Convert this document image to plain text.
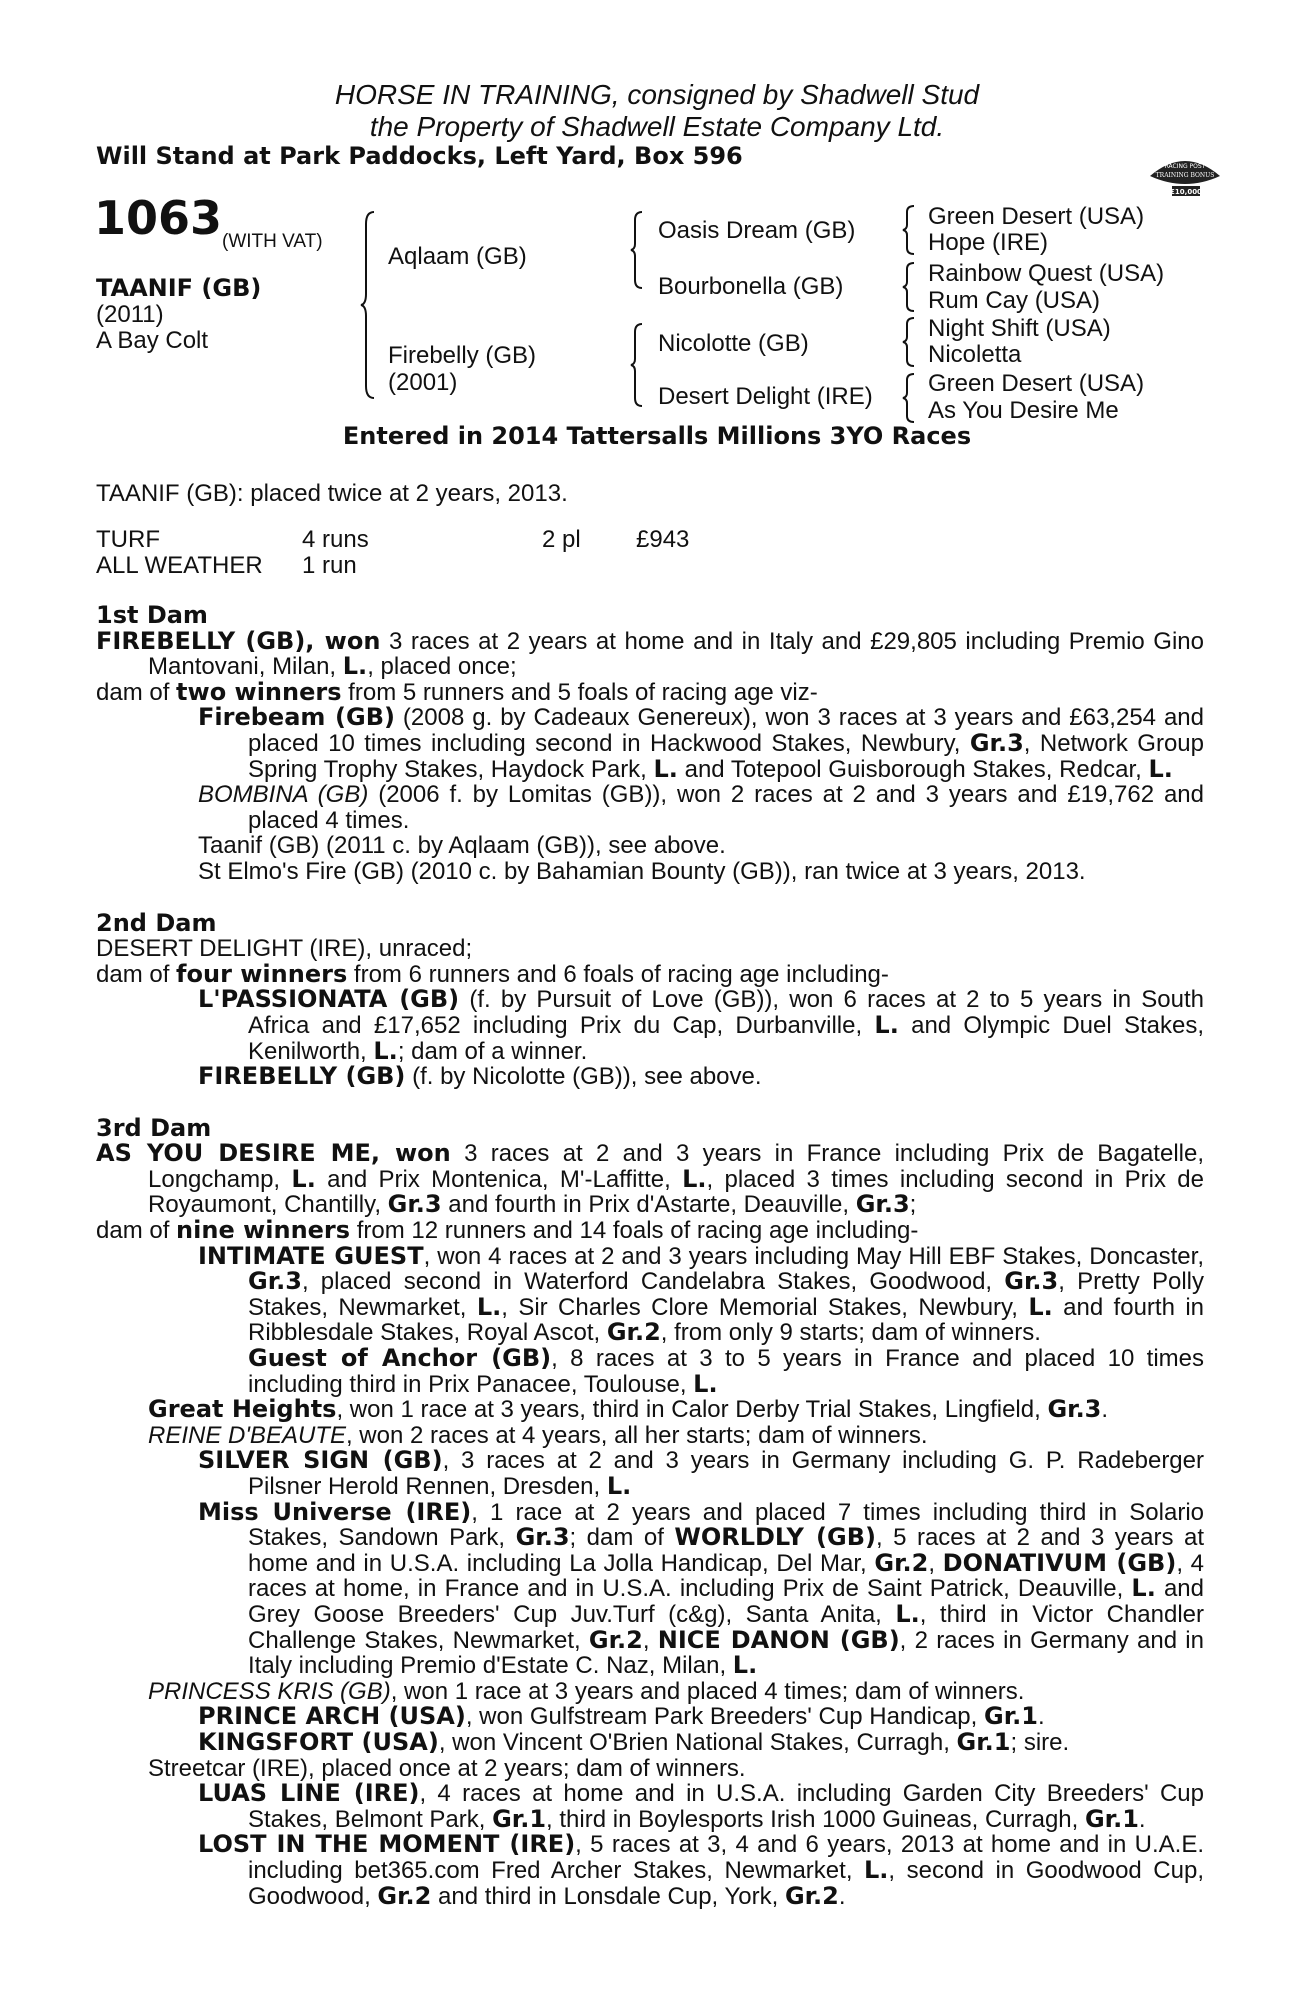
HORSE IN TRAINING, consigned by Shadwell Stud
the Property of Shadwell Estate Company Ltd.
Will Stand at Park Paddocks, Left Yard, Box 596	RACING POST
TRAINING BONUS
£10,000
1063 (WITH VAT)
TAANIF (GB)
(2011)
A Bay Colt
Aqlaam (GB)
Firebelly (GB)
(2001)
Oasis Dream (GB)
Bourbonella (GB)
Nicolotte (GB)
Desert Delight (IRE)
Green Desert (USA)
Hope (IRE)
Rainbow Quest (USA)
Rum Cay (USA)
Night Shift (USA)
Nicoletta
Green Desert (USA)
As You Desire Me
Entered in 2014 Tattersalls Millions 3YO Races
TAANIF (GB): placed twice at 2 years, 2013.
TURF	4 runs	2 pl £943
ALL WEATHER 1 run
1st Dam
FIREBELLY (GB), won 3 races at 2 years at home and in Italy and £29,805 including Premio Gino Mantovani, Milan, L., placed once;
dam of two winners from 5 runners and 5 foals of racing age viz-
Firebeam (GB) (2008 g. by Cadeaux Genereux), won 3 races at 3 years and £63,254 and placed 10 times including second in Hackwood Stakes, Newbury, Gr.3, Network Group Spring Trophy Stakes, Haydock Park, L. and Totepool Guisborough Stakes, Redcar, L.
BOMBINA (GB) (2006 f. by Lomitas (GB)), won 2 races at 2 and 3 years and £19,762 and placed 4 times.
Taanif (GB) (2011 c. by Aqlaam (GB)), see above.
St Elmo's Fire (GB) (2010 c. by Bahamian Bounty (GB)), ran twice at 3 years, 2013.
2nd Dam
DESERT DELIGHT (IRE), unraced;
dam of four winners from 6 runners and 6 foals of racing age including-
L'PASSIONATA (GB) (f. by Pursuit of Love (GB)), won 6 races at 2 to 5 years in South Africa and £17,652 including Prix du Cap, Durbanville, L. and Olympic Duel Stakes, Kenilworth, L.; dam of a winner.
FIREBELLY (GB) (f. by Nicolotte (GB)), see above.
3rd Dam
AS YOU DESIRE ME, won 3 races at 2 and 3 years in France including Prix de Bagatelle, Longchamp, L. and Prix Montenica, M'-Laffitte, L., placed 3 times including second in Prix de Royaumont, Chantilly, Gr.3 and fourth in Prix d'Astarte, Deauville, Gr.3;
dam of nine winners from 12 runners and 14 foals of racing age including-
INTIMATE GUEST, won 4 races at 2 and 3 years including May Hill EBF Stakes, Doncaster, Gr.3, placed second in Waterford Candelabra Stakes, Goodwood, Gr.3, Pretty Polly Stakes, Newmarket, L., Sir Charles Clore Memorial Stakes, Newbury, L. and fourth in Ribblesdale Stakes, Royal Ascot, Gr.2, from only 9 starts; dam of winners.
Guest of Anchor (GB), 8 races at 3 to 5 years in France and placed 10 times including third in Prix Panacee, Toulouse, L.
Great Heights, won 1 race at 3 years, third in Calor Derby Trial Stakes, Lingfield, Gr.3.
REINE D'BEAUTE, won 2 races at 4 years, all her starts; dam of winners.
SILVER SIGN (GB), 3 races at 2 and 3 years in Germany including G. P. Radeberger Pilsner Herold Rennen, Dresden, L.
Miss Universe (IRE), 1 race at 2 years and placed 7 times including third in Solario Stakes, Sandown Park, Gr.3; dam of WORLDLY (GB), 5 races at 2 and 3 years at home and in U.S.A. including La Jolla Handicap, Del Mar, Gr.2, DONATIVUM (GB), 4 races at home, in France and in U.S.A. including Prix de Saint Patrick, Deauville, L. and Grey Goose Breeders' Cup Juv.Turf (c&g), Santa Anita, L., third in Victor Chandler Challenge Stakes, Newmarket, Gr.2, NICE DANON (GB), 2 races in Germany and in Italy including Premio d'Estate C. Naz, Milan, L.
PRINCESS KRIS (GB), won 1 race at 3 years and placed 4 times; dam of winners.
PRINCE ARCH (USA), won Gulfstream Park Breeders' Cup Handicap, Gr.1.
KINGSFORT (USA), won Vincent O'Brien National Stakes, Curragh, Gr.1; sire.
Streetcar (IRE), placed once at 2 years; dam of winners.
LUAS LINE (IRE), 4 races at home and in U.S.A. including Garden City Breeders' Cup Stakes, Belmont Park, Gr.1, third in Boylesports Irish 1000 Guineas, Curragh, Gr.1.
LOST IN THE MOMENT (IRE), 5 races at 3, 4 and 6 years, 2013 at home and in U.A.E. including bet365.com Fred Archer Stakes, Newmarket, L., second in Goodwood Cup, Goodwood, Gr.2 and third in Lonsdale Cup, York, Gr.2.
